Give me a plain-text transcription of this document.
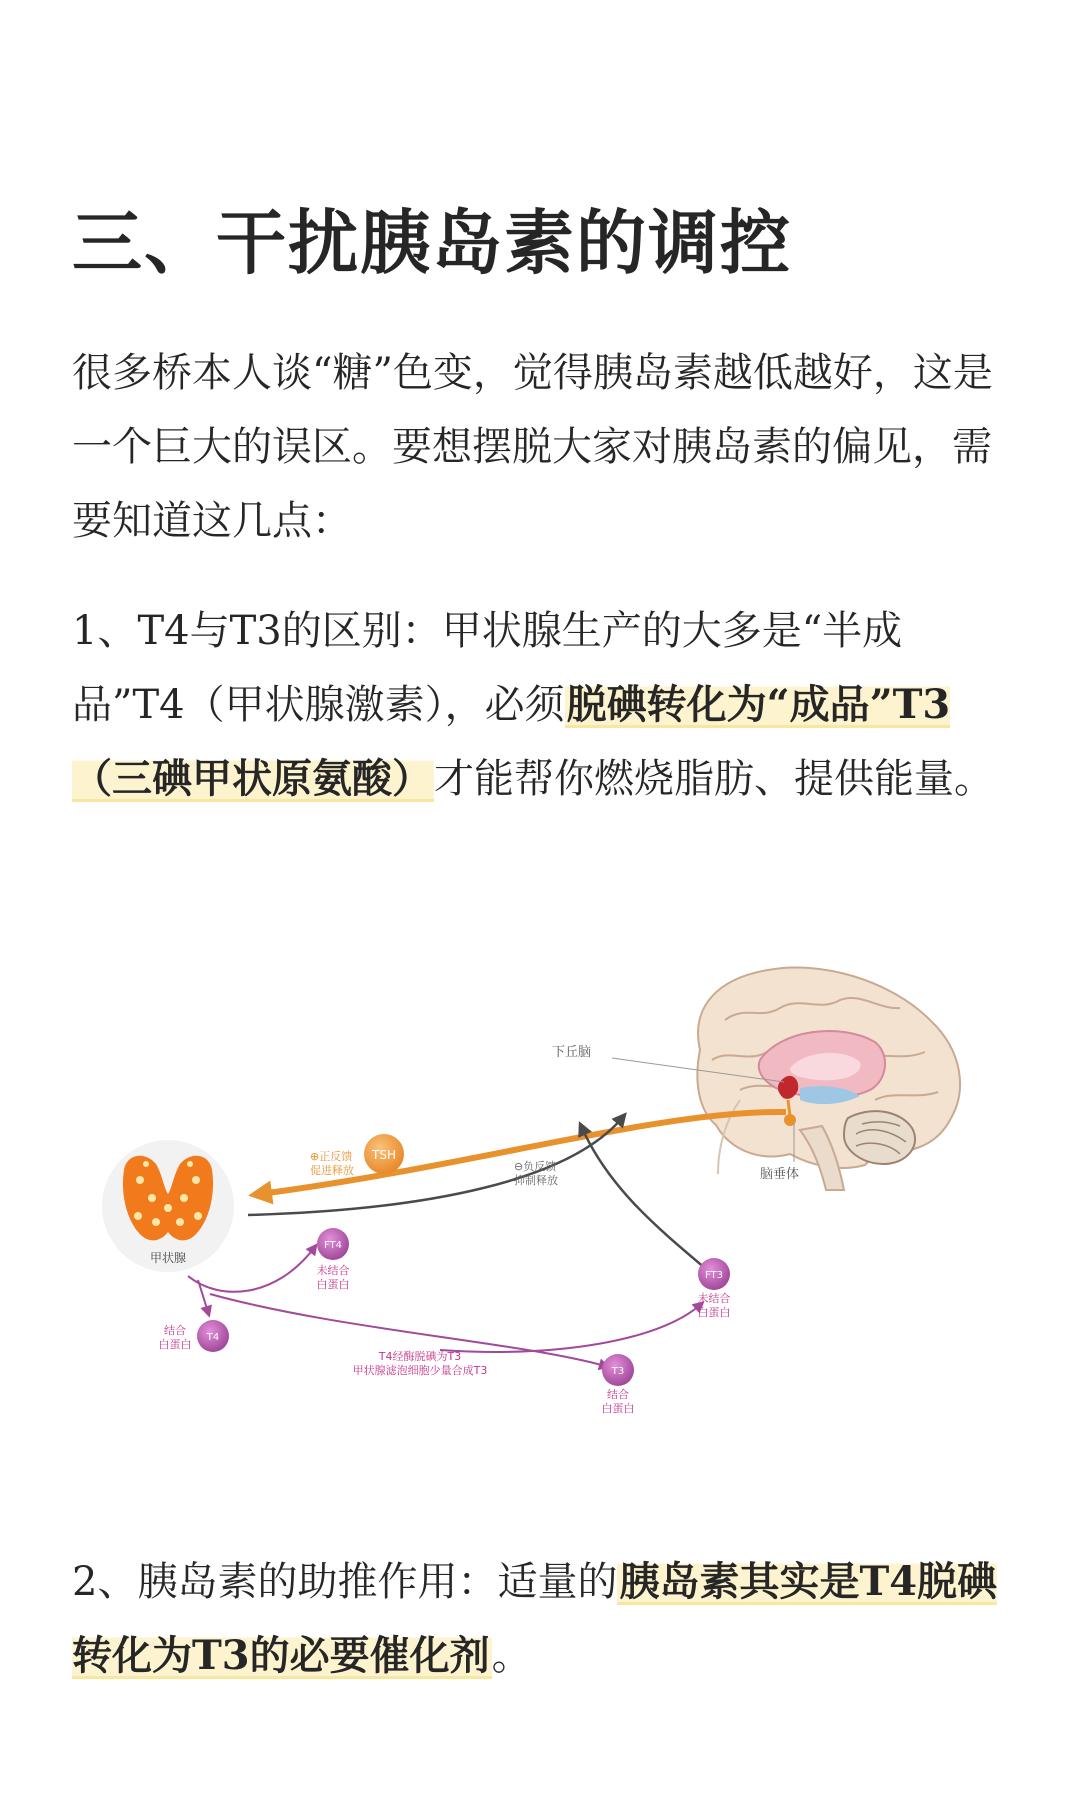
三、干扰胰岛素的调控

很多桥本人谈“糖”色变，觉得胰岛素越低越好，这是一个巨大的误区。要想摆脱大家对胰岛素的偏见，需要知道这几点：

1、T4与T3的区别：甲状腺生产的大多是“半成品”T4（甲状腺激素），必须脱碘转化为“成品”T3（三碘甲状原氨酸）才能帮你燃烧脂肪、提供能量。

下丘脑
脑垂体
TSH
⊕正反馈
促进释放	⊖负反馈
抑制释放
甲状腺
FT4
未结合
白蛋白
T4
结合
白蛋白
FT3
未结合
白蛋白
T3
结合
白蛋白
T4经酶脱碘为T3
甲状腺滤泡细胞少量合成T3

2、胰岛素的助推作用：适量的胰岛素其实是T4脱碘转化为T3的必要催化剂。
